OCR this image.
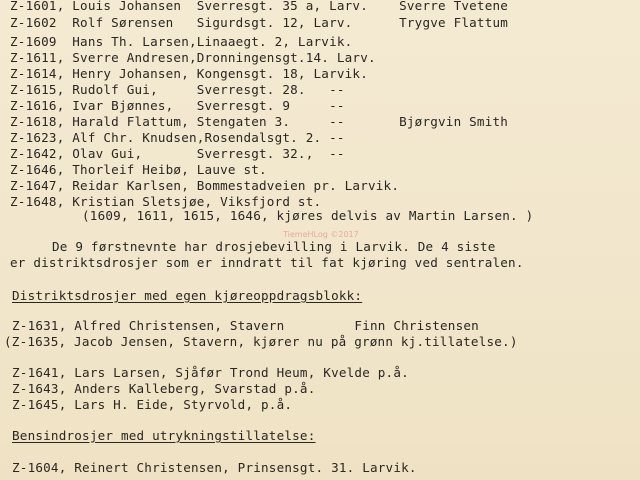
Z-1601, Louis Johansen  Sverresgt. 35 a, Larv.    Sverre Tvetene
Z-1602  Rolf Sørensen   Sigurdsgt. 12, Larv.      Trygve Flattum
Z-1609  Hans Th. Larsen,Linaaegt. 2, Larvik.
Z-1611, Sverre Andresen,Dronningensgt.14. Larv.
Z-1614, Henry Johansen, Kongensgt. 18, Larvik.
Z-1615, Rudolf Gui,     Sverresgt. 28.   --
Z-1616, Ivar Bjønnes,   Sverresgt. 9     --
Z-1618, Harald Flattum, Stengaten 3.     --       Bjørgvin Smith
Z-1623, Alf Chr. Knudsen,Rosendalsgt. 2. --
Z-1642, Olav Gui,       Sverresgt. 32.,  --
Z-1646, Thorleif Heibø, Lauve st.
Z-1647, Reidar Karlsen, Bommestadveien pr. Larvik.
Z-1648, Kristian Sletsjøe, Viksfjord st.
(1609, 1611, 1615, 1646, kjøres delvis av Martin Larsen. )
TiemeHLog ©2017
De 9 førstnevnte har drosjebevilling i Larvik. De 4 siste
er distriktsdrosjer som er inndratt til fat kjøring ved sentralen.
Distriktsdrosjer med egen kjøreoppdragsblokk:
Z-1631, Alfred Christensen, Stavern         Finn Christensen
(Z-1635, Jacob Jensen, Stavern, kjører nu på grønn kj.tillatelse.)
Z-1641, Lars Larsen, Sjåfør Trond Heum, Kvelde p.å.
Z-1643, Anders Kalleberg, Svarstad p.å.
Z-1645, Lars H. Eide, Styrvold, p.å.
Bensindrosjer med utrykningstillatelse:
Z-1604, Reinert Christensen, Prinsensgt. 31. Larvik.
